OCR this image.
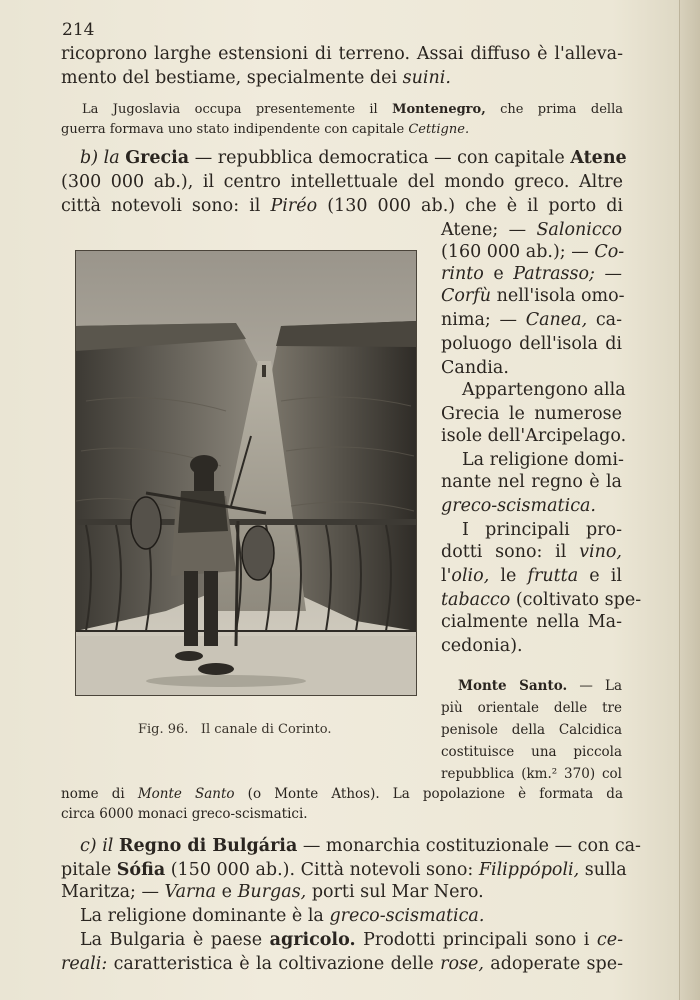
214
ricoprono larghe estensioni di terreno. Assai diffuso è l'alleva-
mento del bestiame, specialmente dei suini.
La Jugoslavia occupa presentemente il Montenegro, che prima della
guerra formava uno stato indipendente con capitale Cettigne.
b) la Grecia — repubblica democratica — con capitale Atene
(300 000 ab.), il centro intellettuale del mondo greco. Altre
città notevoli sono: il Piréo (130 000 ab.) che è il porto di
Atene; — Salonicco
(160 000 ab.); — Co-
rinto e Patrasso; —
Corfù nell'isola omo-
nima; — Canea, ca-
poluogo dell'isola di
Candia.
Appartengono alla
Grecia le numerose
isole dell'Arcipelago.
La religione domi-
nante nel regno è la
greco-scismatica.
I principali pro-
dotti sono: il vino,
l'olio, le frutta e il
tabacco (coltivato spe-
cialmente nella Ma-
cedonia).
Monte Santo. — La
più orientale delle tre
penisole della Calcidica
costituisce una piccola
repubblica (km.² 370) col
nome di Monte Santo (o Monte Athos). La popolazione è formata da
circa 6000 monaci greco-scismatici.
c) il Regno di Bulgária — monarchia costituzionale — con ca-
pitale Sófia (150 000 ab.). Città notevoli sono: Filippópoli, sulla
Maritza; — Varna e Burgas, porti sul Mar Nero.
La religione dominante è la greco-scismatica.
La Bulgaria è paese agricolo. Prodotti principali sono i ce-
reali: caratteristica è la coltivazione delle rose, adoperate spe-
Fig. 96. Il canale di Corinto.
